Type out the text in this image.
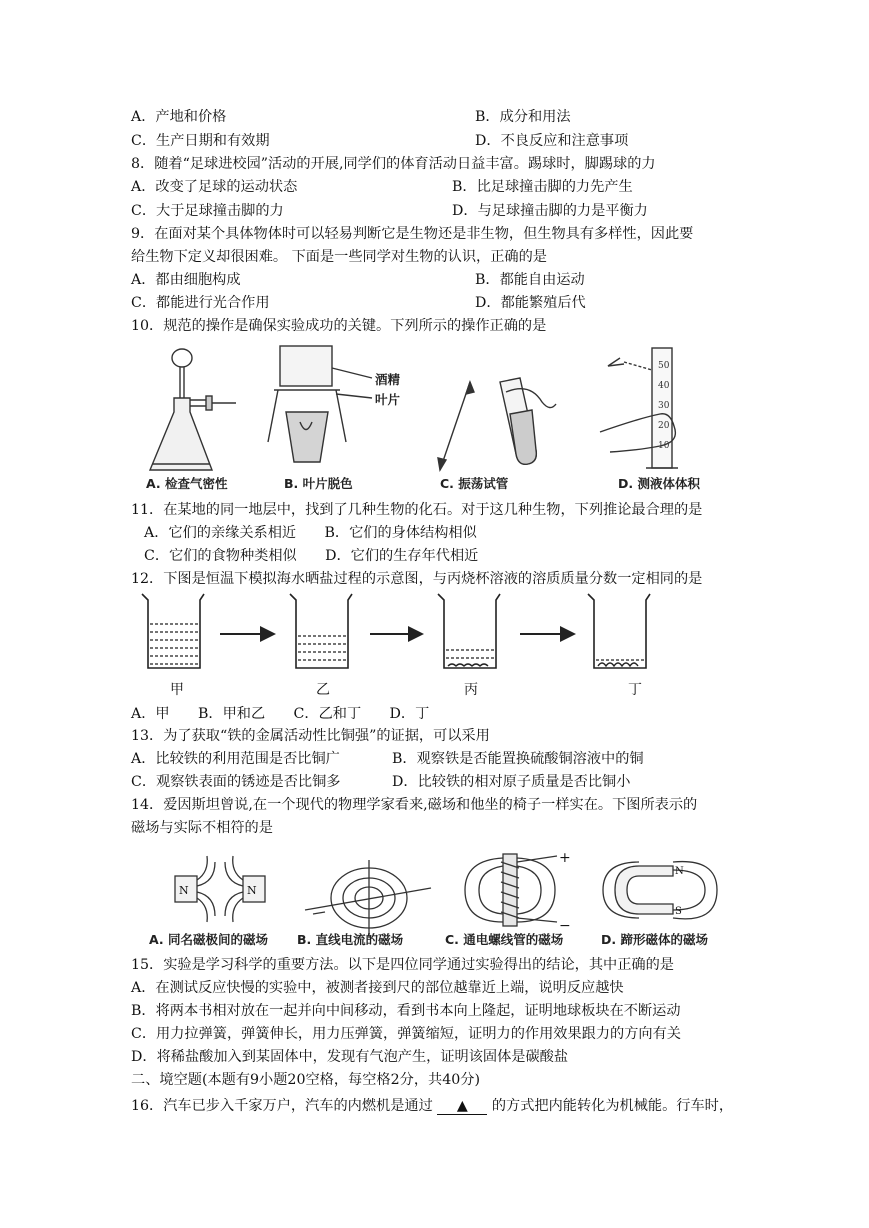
A．产地和价格	B．成分和用法
C．生产日期和有效期	D．不良反应和注意事项
8．随着“足球进校园”活动的开展,同学们的体育活动日益丰富。踢球时，脚踢球的力
A．改变了足球的运动状态	B．比足球撞击脚的力先产生
C．大于足球撞击脚的力	D．与足球撞击脚的力是平衡力
9．在面对某个具体物体时可以轻易判断它是生物还是非生物，但生物具有多样性，因此要
给生物下定义却很困难。 下面是一些同学对生物的认识，正确的是
A．都由细胞构成	B．都能自由运动
C．都能进行光合作用	D．都能繁殖后代
10．规范的操作是确保实验成功的关键。下列所示的操作正确的是
酒精
叶片
50
40
30
20
10
A. 检查气密性	B. 叶片脱色	C. 振荡试管	D. 测液体体积
11．在某地的同一地层中，找到了几种生物的化石。对于这几种生物，下列推论最合理的是
A．它们的亲缘关系相近　　B．它们的身体结构相似
C．它们的食物种类相似　　D．它们的生存年代相近
12．下图是恒温下模拟海水晒盐过程的示意图，与丙烧杯溶液的溶质质量分数一定相同的是
甲	乙	丙	丁
A．甲　　B．甲和乙　　C．乙和丁　　D．丁
13．为了获取“铁的金属活动性比铜强”的证据，可以采用
A．比较铁的利用范围是否比铜广	B．观察铁是否能置换硫酸铜溶液中的铜
C．观察铁表面的锈迹是否比铜多	D．比较铁的相对原子质量是否比铜小
14．爱因斯坦曾说,在一个现代的物理学家看来,磁场和他坐的椅子一样实在。下图所表示的
磁场与实际不相符的是
N	N
N
S
+
−
A. 同名磁极间的磁场 B. 直线电流的磁场	C. 通电螺线管的磁场	D. 蹄形磁体的磁场
15．实验是学习科学的重要方法。以下是四位同学通过实验得出的结论，其中正确的是
A．在测试反应快慢的实验中，被测者接到尺的部位越靠近上端，说明反应越快
B．将两本书相对放在一起并向中间移动，看到书本向上隆起，证明地球板块在不断运动
C．用力拉弹簧，弹簧伸长，用力压弹簧，弹簧缩短，证明力的作用效果跟力的方向有关
D．将稀盐酸加入到某固体中，发现有气泡产生，证明该固体是碳酸盐
二、境空题(本题有9小题20空格，每空格2分，共40分)
16．汽车已步入千家万户，汽车的内燃机是通过 ▲ 的方式把内能转化为机械能。行车时，
